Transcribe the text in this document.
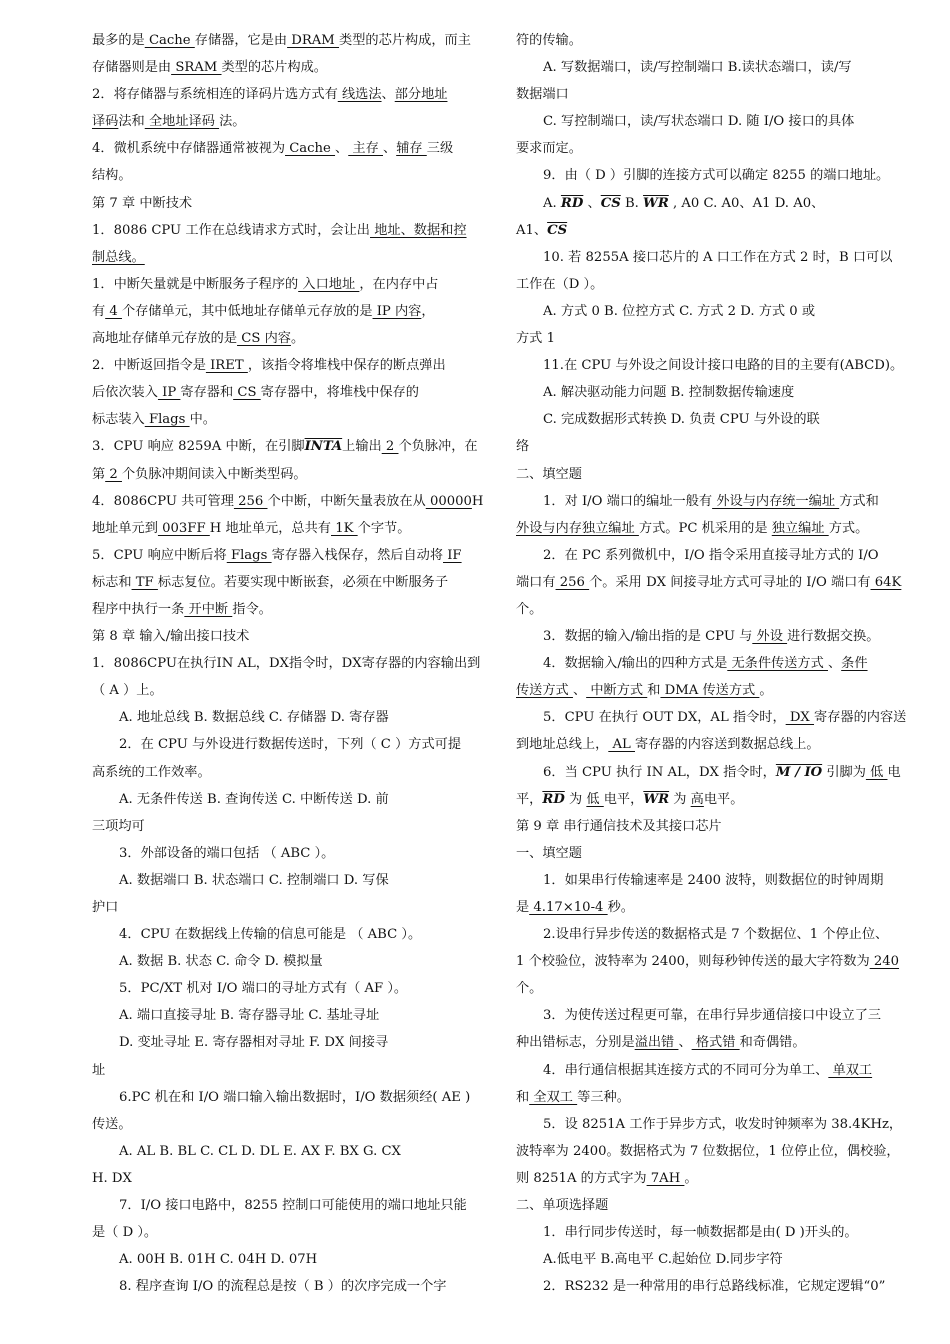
最多的是 Cache 存储器，它是由 DRAM 类型的芯片构成，而主
存储器则是由 SRAM 类型的芯片构成。
2．将存储器与系统相连的译码片选方式有 线选法、部分地址
译码法和 全地址译码 法。
4．微机系统中存储器通常被视为 Cache 、 主存 、辅存 三级
结构。
第 7 章 中断技术
1．8086 CPU 工作在总线请求方式时，会让出 地址、数据和控
制总线。
1．中断矢量就是中断服务子程序的 入口地址 ，在内存中占
有 4 个存储单元，其中低地址存储单元存放的是 IP 内容，
高地址存储单元存放的是 CS 内容。
2．中断返回指令是 IRET ，该指令将堆栈中保存的断点弹出
后依次装入 IP 寄存器和 CS 寄存器中，将堆栈中保存的
标志装入 Flags 中。
3．CPU 响应 8259A 中断，在引脚INTA上输出 2 个负脉冲，在
第 2 个负脉冲期间读入中断类型码。
4．8086CPU 共可管理 256 个中断，中断矢量表放在从 00000H
地址单元到 003FF H 地址单元，总共有 1K 个字节。
5．CPU 响应中断后将 Flags 寄存器入栈保存，然后自动将 IF
标志和 TF 标志复位。若要实现中断嵌套，必须在中断服务子
程序中执行一条 开中断 指令。
第 8 章 输入/输出接口技术
1．8086CPU在执行IN AL，DX指令时，DX寄存器的内容输出到
（ A ）上。
A. 地址总线 B. 数据总线 C. 存储器 D. 寄存器
2．在 CPU 与外设进行数据传送时，下列（ C ）方式可提
高系统的工作效率。
A. 无条件传送 B. 查询传送 C. 中断传送 D. 前
三项均可
3．外部设备的端口包括 （ ABC ）。
A. 数据端口 B. 状态端口 C. 控制端口 D. 写保
护口
4．CPU 在数据线上传输的信息可能是 （ ABC ）。
A. 数据 B. 状态 C. 命令 D. 模拟量
5．PC/XT 机对 I/O 端口的寻址方式有（ AF ）。
A. 端口直接寻址 B. 寄存器寻址 C. 基址寻址
D. 变址寻址 E. 寄存器相对寻址 F. DX 间接寻
址
6.PC 机在和 I/O 端口输入输出数据时，I/O 数据须经( AE )
传送。
A. AL B. BL C. CL D. DL E. AX F. BX G. CX
H. DX
7．I/O 接口电路中，8255 控制口可能使用的端口地址只能
是（ D ）。
A. 00H B. 01H C. 04H D. 07H
8. 程序查询 I/O 的流程总是按（ B ）的次序完成一个字
符的传输。
A. 写数据端口，读/写控制端口 B.读状态端口，读/写
数据端口
C. 写控制端口，读/写状态端口 D. 随 I/O 接口的具体
要求而定。
9．由（ D ）引脚的连接方式可以确定 8255 的端口地址。
A. $\overline{RD}$ 、$\overline{CS}$ B. $\overline{WR}$ , A0 C. A0、A1 D. A0、
A1、$\overline{CS}$
10. 若 8255A 接口芯片的 A 口工作在方式 2 时，B 口可以
工作在（D ）。
A. 方式 0 B. 位控方式 C. 方式 2 D. 方式 0 或
方式 1
11.在 CPU 与外设之间设计接口电路的目的主要有(ABCD)。
A. 解决驱动能力问题 B. 控制数据传输速度
C. 完成数据形式转换 D. 负责 CPU 与外设的联
络
二、填空题
1．对 I/O 端口的编址一般有 外设与内存统一编址 方式和
外设与内存独立编址 方式。PC 机采用的是 独立编址 方式。
2．在 PC 系列微机中，I/O 指令采用直接寻址方式的 I/O
端口有 256 个。采用 DX 间接寻址方式可寻址的 I/O 端口有 64K
个。
3．数据的输入/输出指的是 CPU 与 外设 进行数据交换。
4．数据输入/输出的四种方式是 无条件传送方式 、条件
传送方式 、 中断方式 和 DMA 传送方式 。
5．CPU 在执行 OUT DX，AL 指令时， DX 寄存器的内容送
到地址总线上， AL 寄存器的内容送到数据总线上。
6．当 CPU 执行 IN AL，DX 指令时，M / IO 引脚为 低 电
平，$\overline{RD}$ 为 低 电平，$\overline{WR}$ 为 高电平。
第 9 章 串行通信技术及其接口芯片
一、填空题
1．如果串行传输速率是 2400 波特，则数据位的时钟周期
是 4.17×10-4 秒。
2.设串行异步传送的数据格式是 7 个数据位、1 个停止位、
1 个校验位，波特率为 2400，则每秒钟传送的最大字符数为 240
个。
3．为使传送过程更可靠，在串行异步通信接口中设立了三
种出错标志，分别是溢出错 、 格式错 和奇偶错。
4．串行通信根据其连接方式的不同可分为单工、 单双工
和 全双工 等三种。
5．设 8251A 工作于异步方式，收发时钟频率为 38.4KHz，
波特率为 2400。数据格式为 7 位数据位，1 位停止位，偶校验，
则 8251A 的方式字为 7AH 。
二、单项选择题
1．串行同步传送时，每一帧数据都是由( D )开头的。
A.低电平 B.高电平 C.起始位 D.同步字符
2．RS232 是一种常用的串行总路线标准，它规定逻辑“0”
